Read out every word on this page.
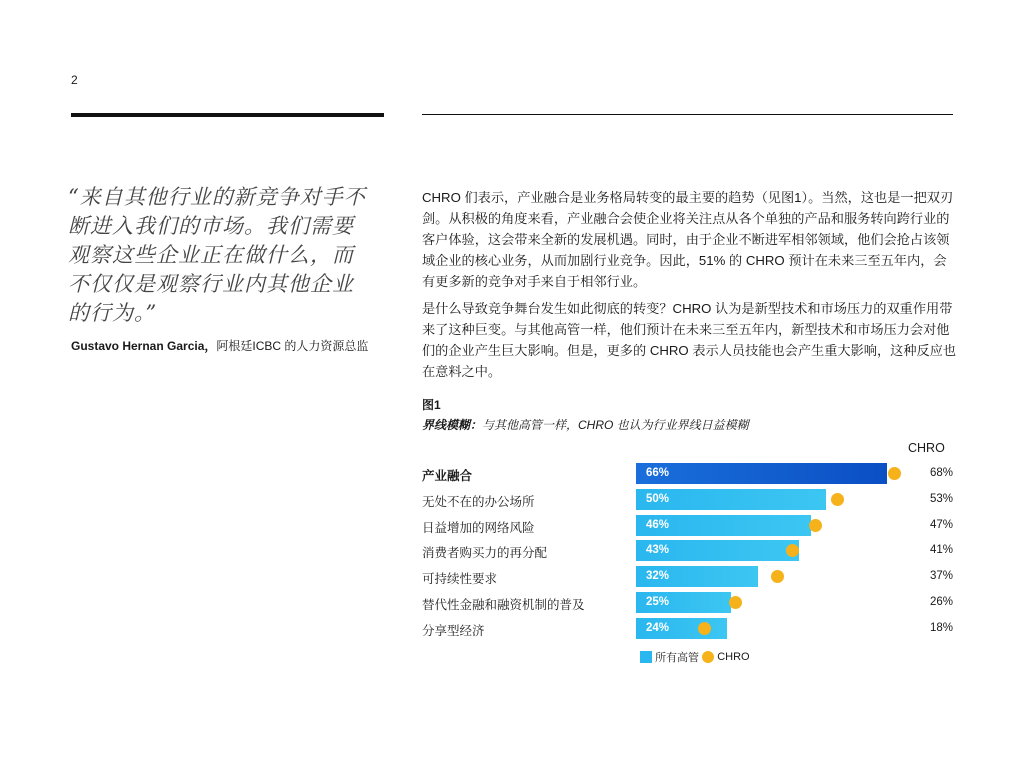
2
“来自其他行业的新竞争对手不断进入我们的市场。我们需要观察这些企业正在做什么，而不仅仅是观察行业内其他企业的行为。”
Gustavo Hernan Garcia，阿根廷ICBC 的人力资源总监
CHRO 们表示，产业融合是业务格局转变的最主要的趋势（见图1）。当然，这也是一把双刃剑。从积极的角度来看，产业融合会使企业将关注点从各个单独的产品和服务转向跨行业的客户体验，这会带来全新的发展机遇。同时，由于企业不断进军相邻领域，他们会抢占该领域企业的核心业务，从而加剧行业竞争。因此，51% 的 CHRO 预计在未来三至五年内，会有更多新的竞争对手来自于相邻行业。
是什么导致竞争舞台发生如此彻底的转变？CHRO 认为是新型技术和市场压力的双重作用带来了这种巨变。与其他高管一样，他们预计在未来三至五年内，新型技术和市场压力会对他们的企业产生巨大影响。但是，更多的 CHRO 表示人员技能也会产生重大影响，这种反应也在意料之中。
图1
界线模糊：与其他高管一样，CHRO 也认为行业界线日益模糊
CHRO
产业融合	66%	68%
无处不在的办公场所	50%	53%
日益增加的网络风险	46%	47%
消费者购买力的再分配	43%	41%
可持续性要求	32%	37%
替代性金融和融资机制的普及	25%	26%
分享型经济	24%	18%
所有高管 CHRO
